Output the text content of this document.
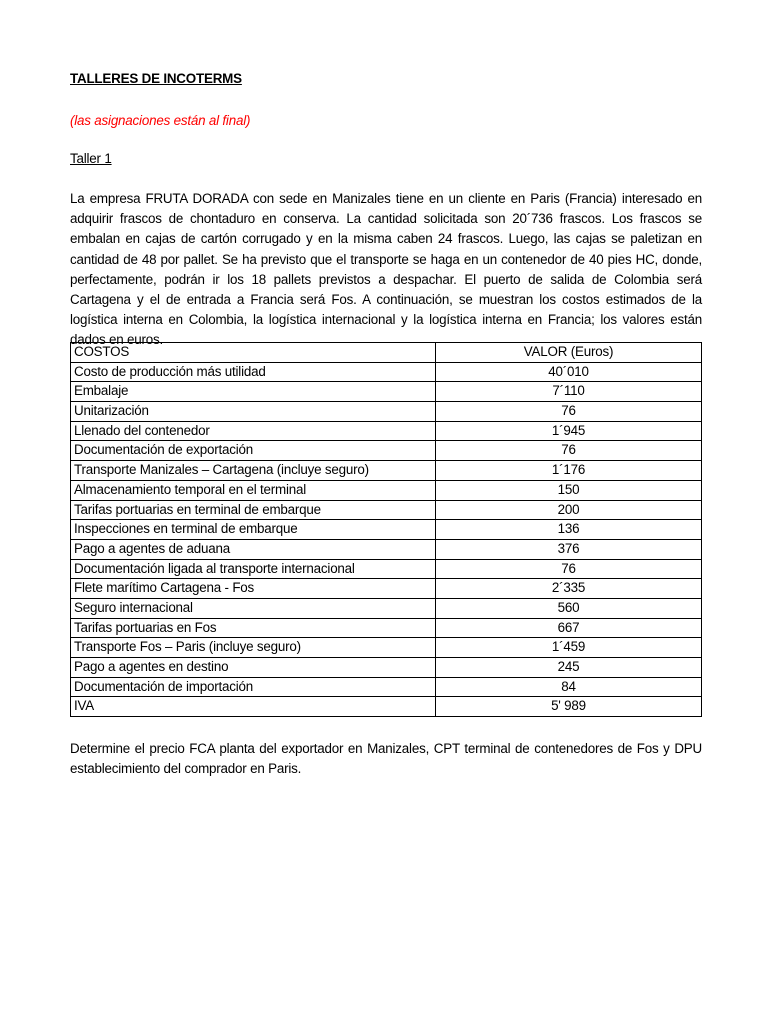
TALLERES DE INCOTERMS

(las asignaciones están al final)

Taller 1

La empresa FRUTA DORADA con sede en Manizales tiene en un cliente en Paris (Francia) interesado en adquirir frascos de chontaduro en conserva. La cantidad solicitada son 20´736 frascos. Los frascos se embalan en cajas de cartón corrugado y en la misma caben 24 frascos. Luego, las cajas se paletizan en cantidad de 48 por pallet. Se ha previsto que el transporte se haga en un contenedor de 40 pies HC, donde, perfectamente, podrán ir los 18 pallets previstos a despachar. El puerto de salida de Colombia será Cartagena y el de entrada a Francia será Fos. A continuación, se muestran los costos estimados de la logística interna en Colombia, la logística internacional y la logística interna en Francia; los valores están dados en euros.

COSTOS	VALOR (Euros)
Costo de producción más utilidad	40´010
Embalaje	7´110
Unitarización	76
Llenado del contenedor	1´945
Documentación de exportación	76
Transporte Manizales – Cartagena (incluye seguro)	1´176
Almacenamiento temporal en el terminal	150
Tarifas portuarias en terminal de embarque	200
Inspecciones en terminal de embarque	136
Pago a agentes de aduana	376
Documentación ligada al transporte internacional	76
Flete marítimo Cartagena - Fos	2´335
Seguro internacional	560
Tarifas portuarias en Fos	667
Transporte Fos – Paris (incluye seguro)	1´459
Pago a agentes en destino	245
Documentación de importación	84
IVA	5' 989

Determine el precio FCA planta del exportador en Manizales, CPT terminal de contenedores de Fos y DPU establecimiento del comprador en Paris.
